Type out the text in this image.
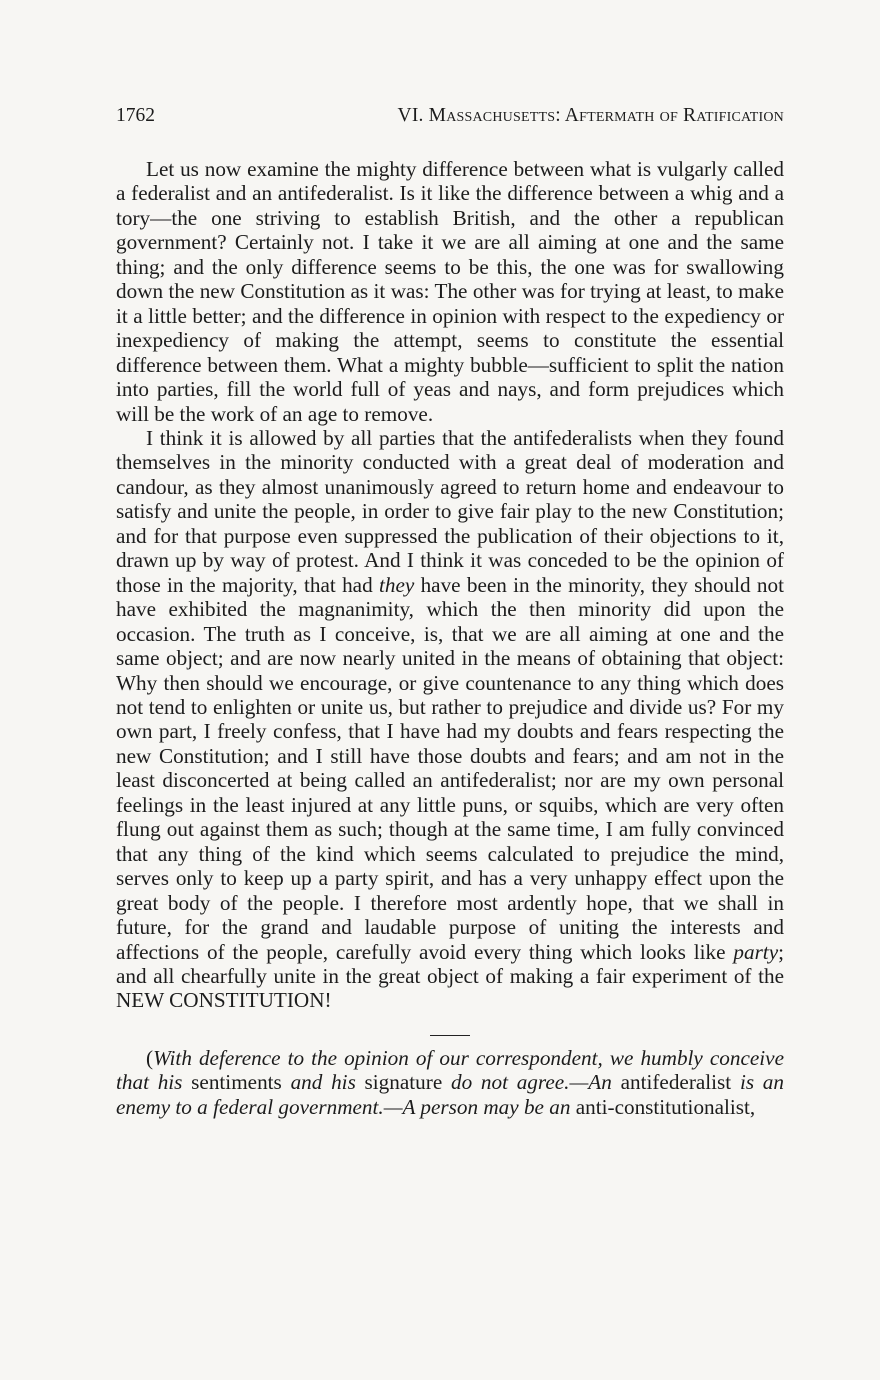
1762	VI. Massachusetts: Aftermath of Ratification

Let us now examine the mighty difference between what is vulgarly called a federalist and an antifederalist. Is it like the difference between a whig and a tory—the one striving to establish British, and the other a republican government? Certainly not. I take it we are all aiming at one and the same thing; and the only difference seems to be this, the one was for swallowing down the new Constitution as it was: The other was for trying at least, to make it a little better; and the difference in opinion with respect to the expediency or inexpediency of making the attempt, seems to constitute the essential difference between them. What a mighty bubble—sufficient to split the nation into parties, fill the world full of yeas and nays, and form prejudices which will be the work of an age to remove.

I think it is allowed by all parties that the antifederalists when they found themselves in the minority conducted with a great deal of moderation and candour, as they almost unanimously agreed to return home and endeavour to satisfy and unite the people, in order to give fair play to the new Constitution; and for that purpose even suppressed the publication of their objections to it, drawn up by way of protest. And I think it was conceded to be the opinion of those in the majority, that had they have been in the minority, they should not have exhibited the magnanimity, which the then minority did upon the occasion. The truth as I conceive, is, that we are all aiming at one and the same object; and are now nearly united in the means of obtaining that object: Why then should we encourage, or give countenance to any thing which does not tend to enlighten or unite us, but rather to prejudice and divide us? For my own part, I freely confess, that I have had my doubts and fears respecting the new Constitution; and I still have those doubts and fears; and am not in the least disconcerted at being called an antifederalist; nor are my own personal feelings in the least injured at any little puns, or squibs, which are very often flung out against them as such; though at the same time, I am fully convinced that any thing of the kind which seems calculated to prejudice the mind, serves only to keep up a party spirit, and has a very unhappy effect upon the great body of the people. I therefore most ardently hope, that we shall in future, for the grand and laudable purpose of uniting the interests and affections of the people, carefully avoid every thing which looks like party; and all chearfully unite in the great object of making a fair experiment of the NEW CONSTITUTION!

(With deference to the opinion of our correspondent, we humbly conceive that his sentiments and his signature do not agree.—An antifederalist is an enemy to a federal government.—A person may be an anti-constitutionalist,
